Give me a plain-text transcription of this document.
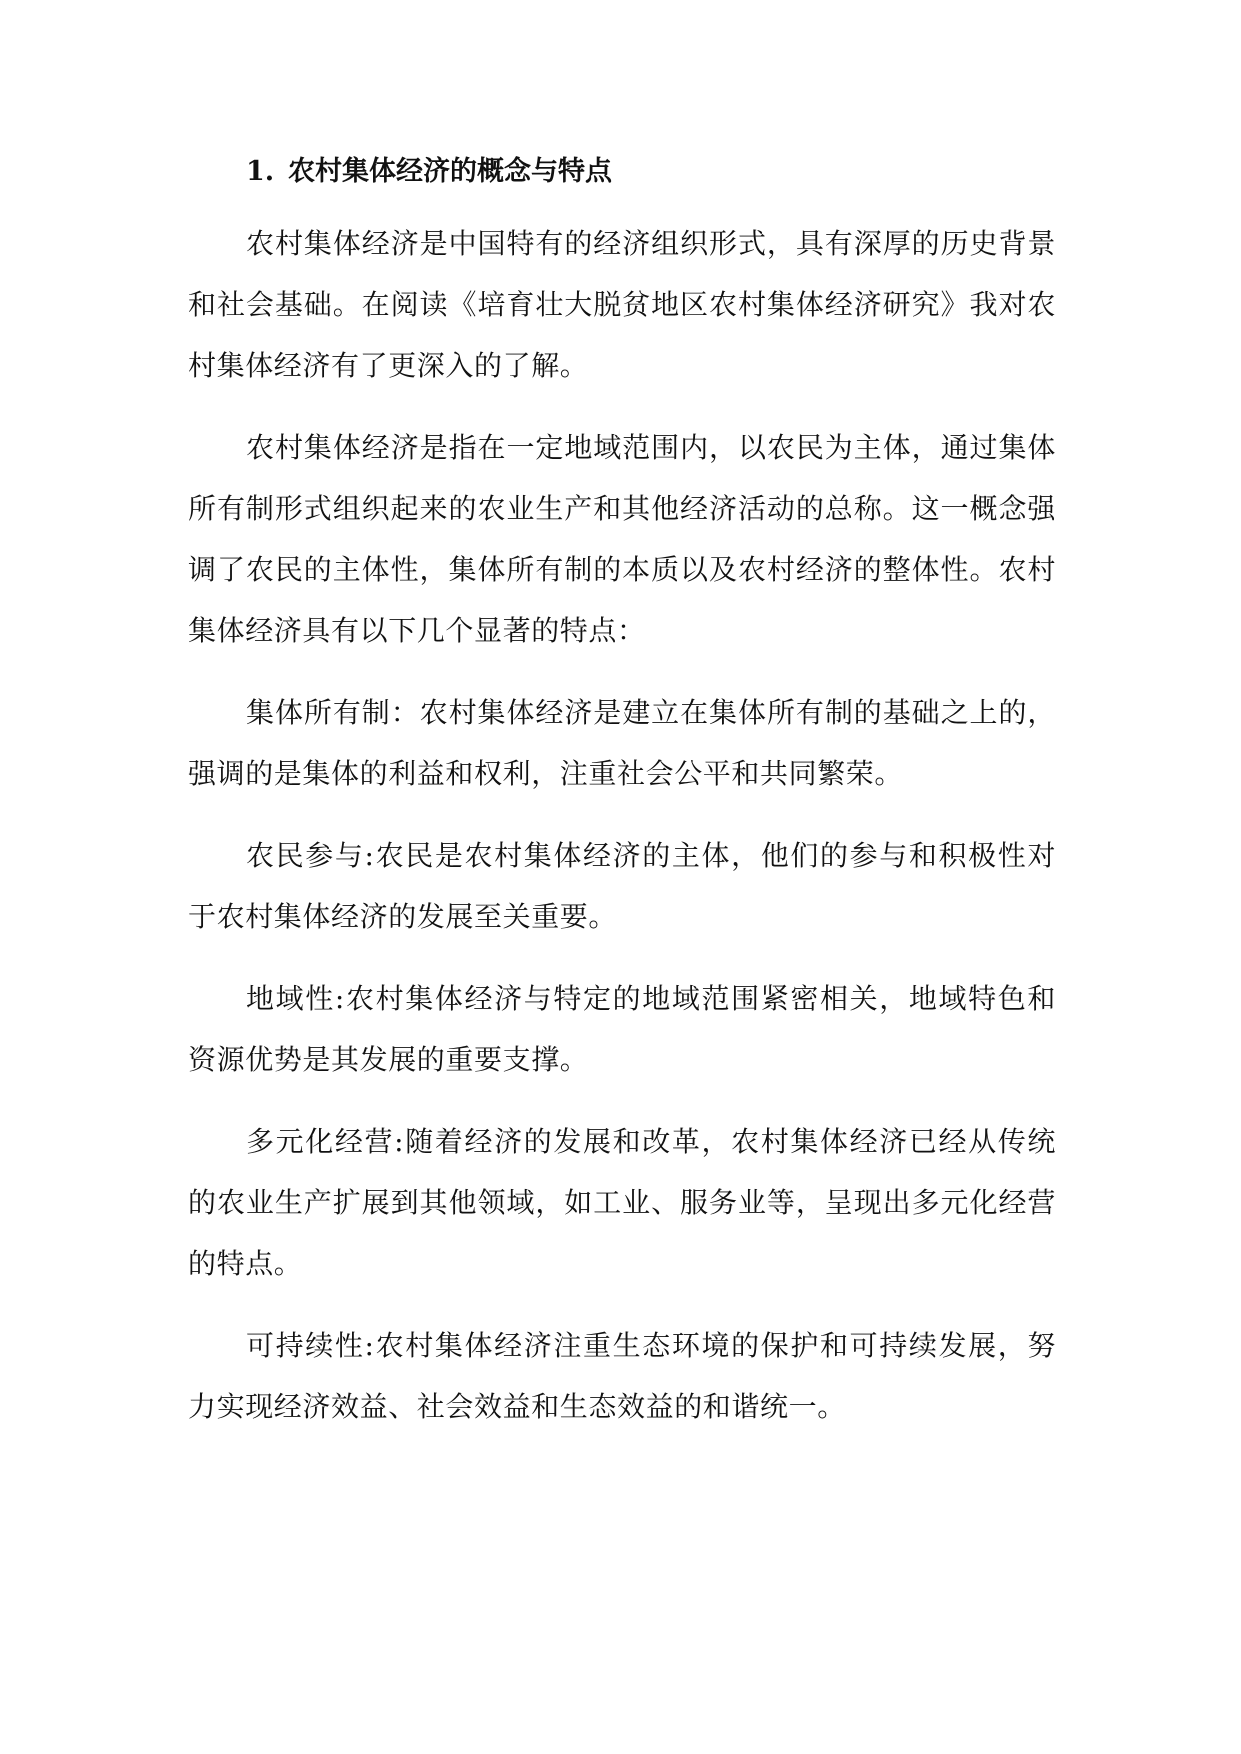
1. 农村集体经济的概念与特点

农村集体经济是中国特有的经济组织形式，具有深厚的历史背景和社会基础。在阅读《培育壮大脱贫地区农村集体经济研究》我对农村集体经济有了更深入的了解。

农村集体经济是指在一定地域范围内，以农民为主体，通过集体所有制形式组织起来的农业生产和其他经济活动的总称。这一概念强调了农民的主体性，集体所有制的本质以及农村经济的整体性。农村集体经济具有以下几个显著的特点：

集体所有制：农村集体经济是建立在集体所有制的基础之上的，强调的是集体的利益和权利，注重社会公平和共同繁荣。

农民参与:农民是农村集体经济的主体，他们的参与和积极性对于农村集体经济的发展至关重要。

地域性:农村集体经济与特定的地域范围紧密相关，地域特色和资源优势是其发展的重要支撑。

多元化经营:随着经济的发展和改革，农村集体经济已经从传统的农业生产扩展到其他领域，如工业、服务业等，呈现出多元化经营的特点。

可持续性:农村集体经济注重生态环境的保护和可持续发展，努力实现经济效益、社会效益和生态效益的和谐统一。
